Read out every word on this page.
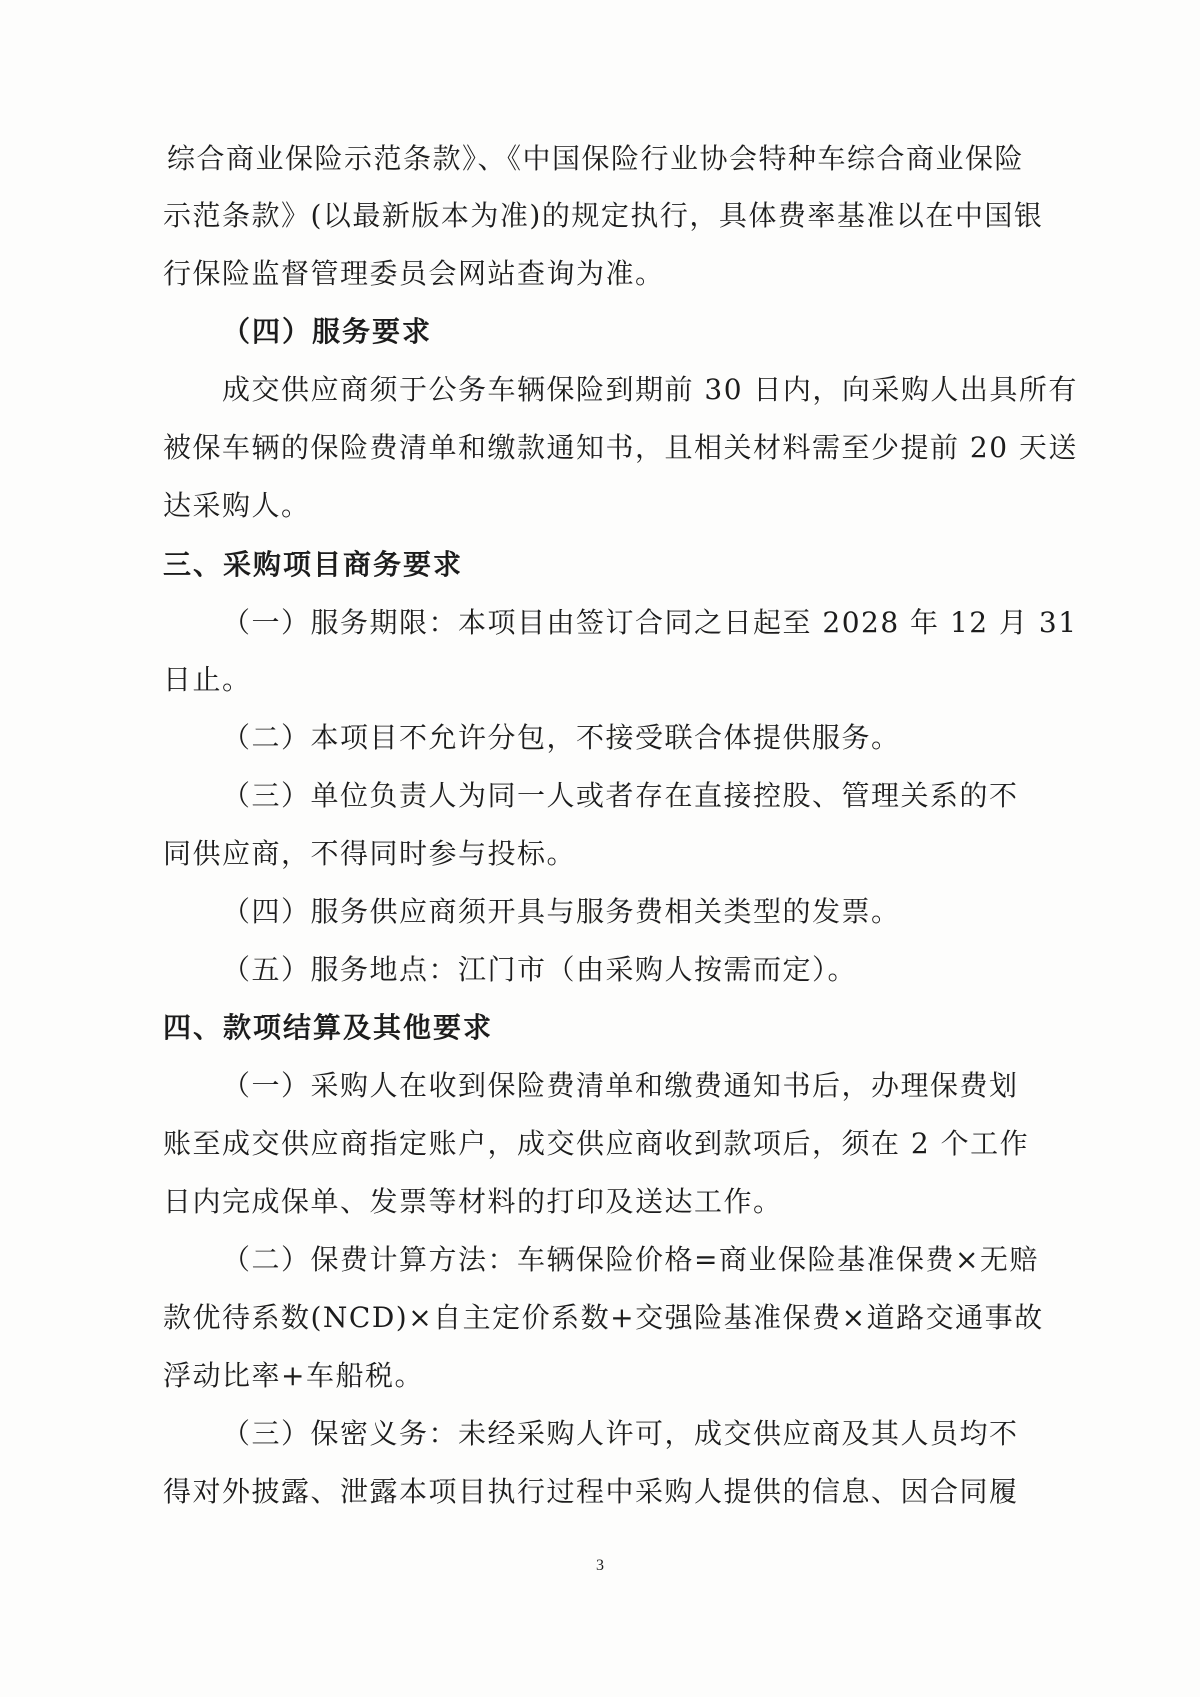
综合商业保险示范条款》、《中国保险行业协会特种车综合商业保险
示范条款》(以最新版本为准)的规定执行，具体费率基准以在中国银
行保险监督管理委员会网站查询为准。
（四）服务要求
成交供应商须于公务车辆保险到期前 30 日内，向采购人出具所有
被保车辆的保险费清单和缴款通知书，且相关材料需至少提前 20 天送
达采购人。
三、采购项目商务要求
（一）服务期限：本项目由签订合同之日起至 2028 年 12 月 31
日止。
（二）本项目不允许分包，不接受联合体提供服务。
（三）单位负责人为同一人或者存在直接控股、管理关系的不
同供应商，不得同时参与投标。
（四）服务供应商须开具与服务费相关类型的发票。
（五）服务地点：江门市（由采购人按需而定）。
四、款项结算及其他要求
（一）采购人在收到保险费清单和缴费通知书后，办理保费划
账至成交供应商指定账户，成交供应商收到款项后，须在 2 个工作
日内完成保单、发票等材料的打印及送达工作。
（二）保费计算方法：车辆保险价格=商业保险基准保费×无赔
款优待系数(NCD)×自主定价系数+交强险基准保费×道路交通事故
浮动比率+车船税。
（三）保密义务：未经采购人许可，成交供应商及其人员均不
得对外披露、泄露本项目执行过程中采购人提供的信息、因合同履
3
